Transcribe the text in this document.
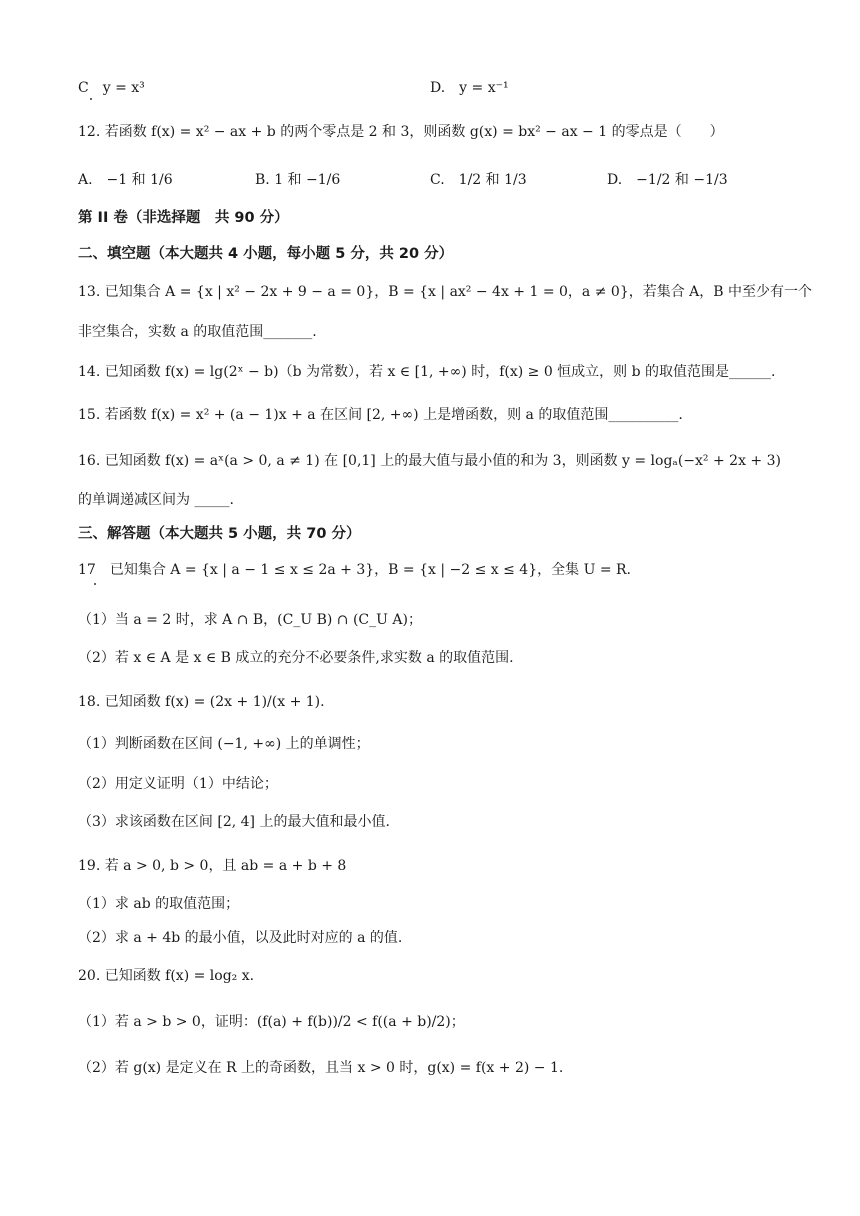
C　y = x³	D.　y = x⁻¹
12. 若函数 f(x) = x² − ax + b 的两个零点是 2 和 3，则函数 g(x) = bx² − ax − 1 的零点是（　　）
A.　−1 和 1/6	B. 1 和 −1/6	C.　1/2 和 1/3	D.　−1/2 和 −1/3
第 II 卷（非选择题　共 90 分）
二、填空题（本大题共 4 小题，每小题 5 分，共 20 分）
13. 已知集合 A = {x | x² − 2x + 9 − a = 0}，B = {x | ax² − 4x + 1 = 0，a ≠ 0}，若集合 A，B 中至少有一个
非空集合，实数 a 的取值范围_______.
14. 已知函数 f(x) = lg(2ˣ − b)（b 为常数），若 x ∈ [1, +∞) 时，f(x) ≥ 0 恒成立，则 b 的取值范围是______.
15. 若函数 f(x) = x² + (a − 1)x + a 在区间 [2, +∞) 上是增函数，则 a 的取值范围__________.
16. 已知函数 f(x) = aˣ(a > 0, a ≠ 1) 在 [0,1] 上的最大值与最小值的和为 3，则函数 y = logₐ(−x² + 2x + 3)
的单调递减区间为 _____.
三、解答题（本大题共 5 小题，共 70 分）
17　已知集合 A = {x | a − 1 ≤ x ≤ 2a + 3}，B = {x | −2 ≤ x ≤ 4}，全集 U = R.
（1）当 a = 2 时，求 A ∩ B，(C_U B) ∩ (C_U A)；
（2）若 x ∈ A 是 x ∈ B 成立的充分不必要条件,求实数 a 的取值范围.
18. 已知函数 f(x) = (2x + 1)/(x + 1).
（1）判断函数在区间 (−1, +∞) 上的单调性；
（2）用定义证明（1）中结论；
（3）求该函数在区间 [2, 4] 上的最大值和最小值.
19. 若 a > 0, b > 0，且 ab = a + b + 8
（1）求 ab 的取值范围；
（2）求 a + 4b 的最小值，以及此时对应的 a 的值.
20. 已知函数 f(x) = log₂ x.
（1）若 a > b > 0，证明：(f(a) + f(b))/2 < f((a + b)/2)；
（2）若 g(x) 是定义在 R 上的奇函数，且当 x > 0 时，g(x) = f(x + 2) − 1.
